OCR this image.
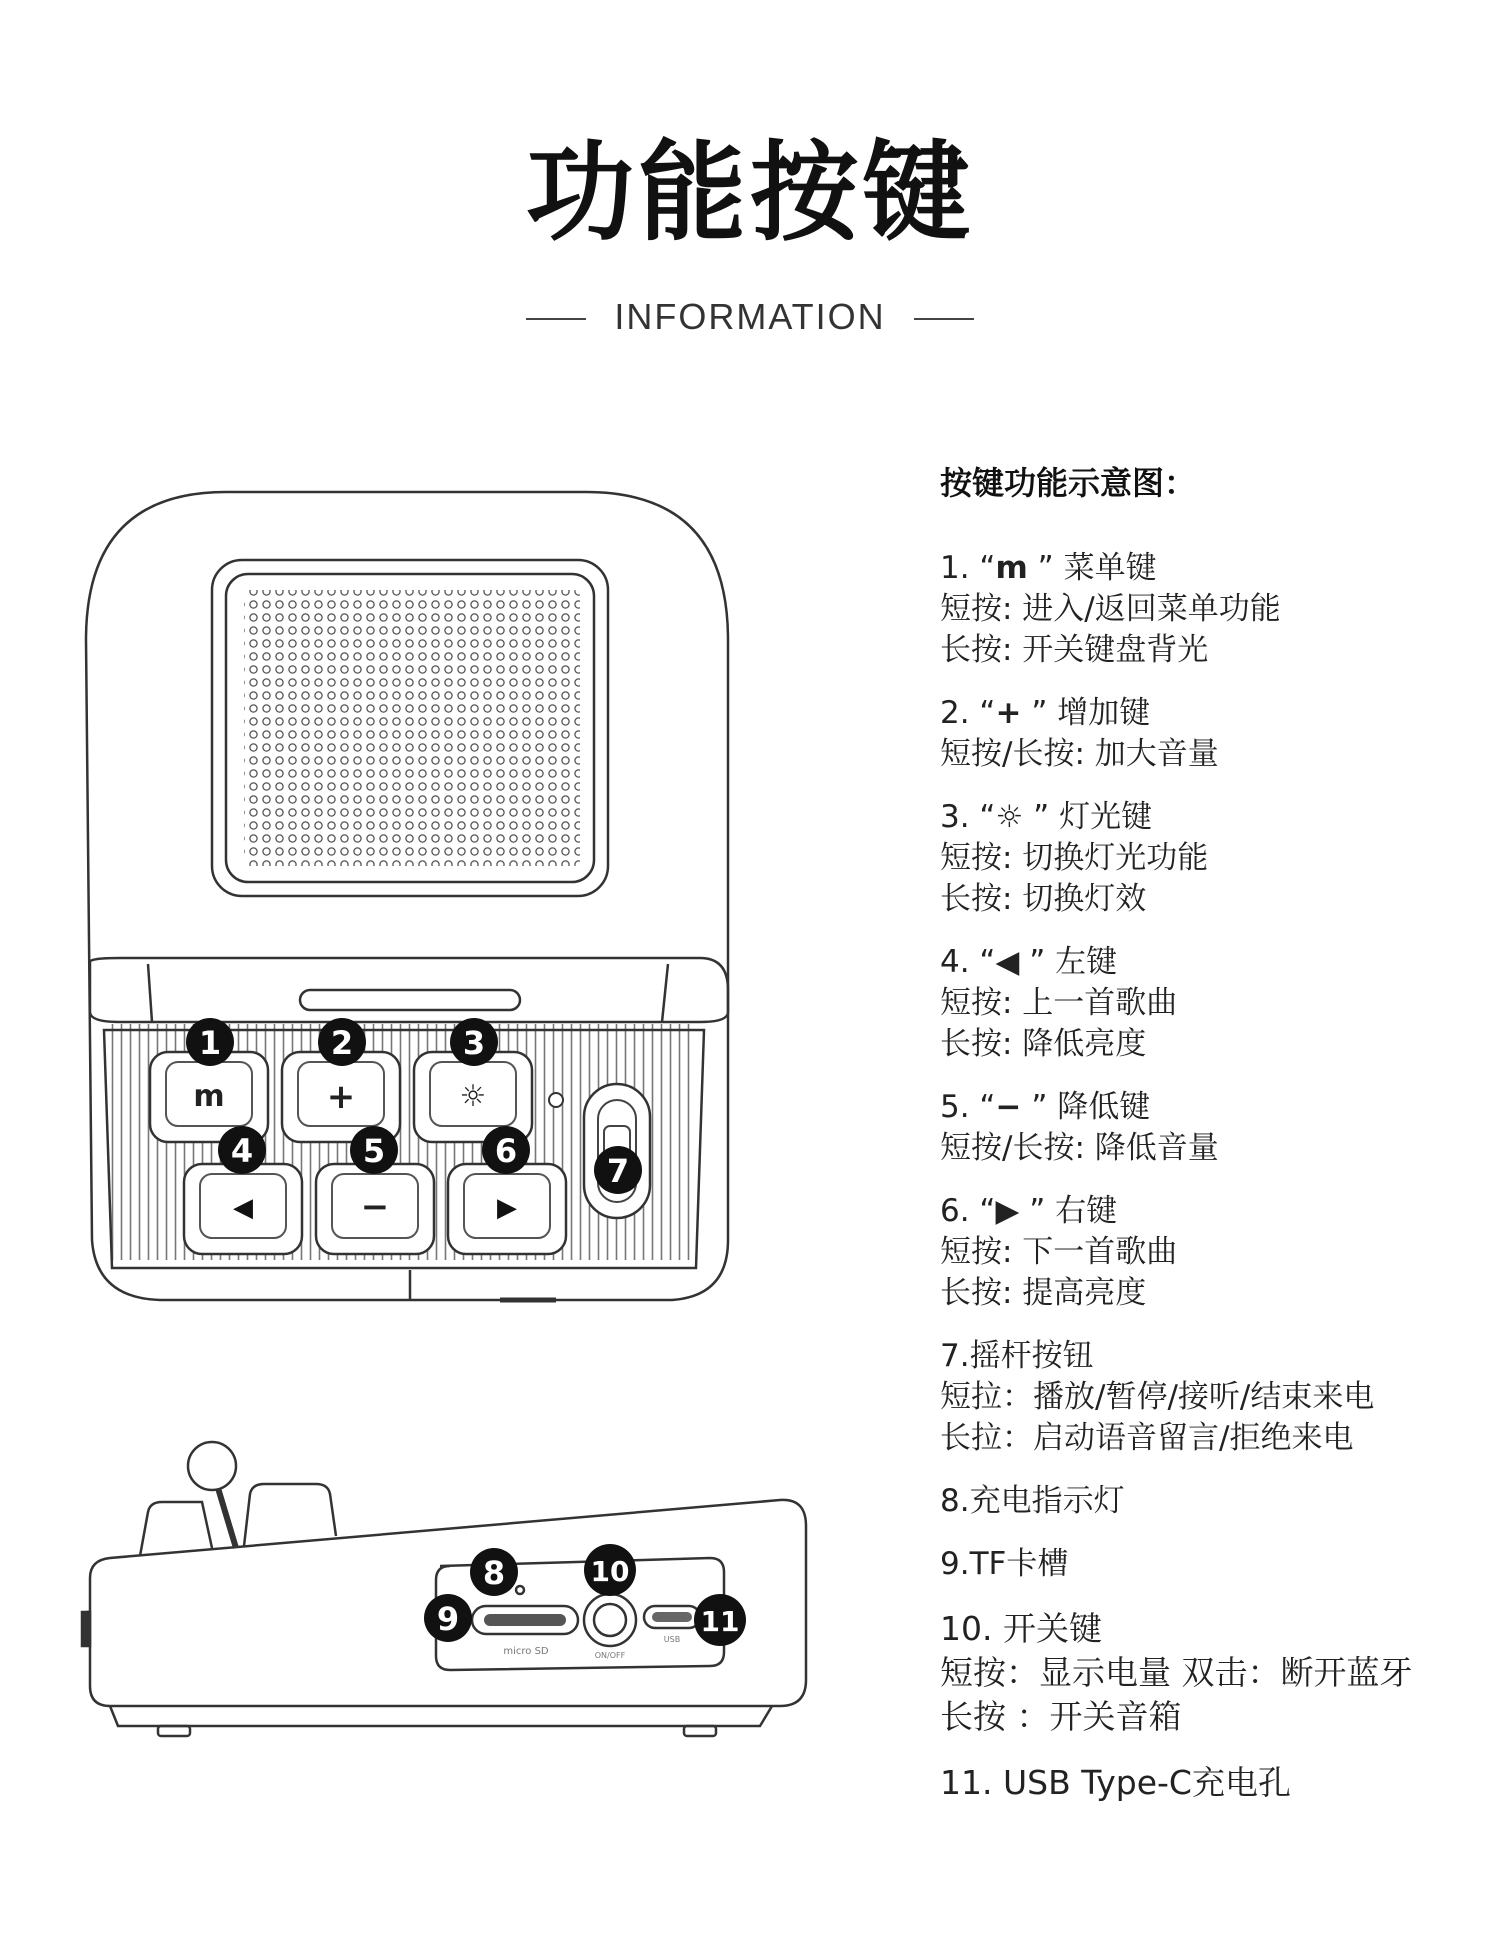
功能按键
INFORMATION
m	+	☼
◀	−	▶
1	2	3
4	5	6
7
micro SD	ON/OFF
USB
8
9
10
11
按键功能示意图：
1. “m ” 菜单键
短按: 进入/返回菜单功能
长按: 开关键盘背光
2. “+ ” 增加键
短按/长按: 加大音量
3. “☼ ” 灯光键
短按: 切换灯光功能
长按: 切换灯效
4. “◀ ” 左键
短按: 上一首歌曲
长按: 降低亮度
5. “− ” 降低键
短按/长按: 降低音量
6. “▶ ” 右键
短按: 下一首歌曲
长按: 提高亮度
7.摇杆按钮
短拉：播放/暂停/接听/结束来电
长拉：启动语音留言/拒绝来电
8.充电指示灯
9.TF卡槽
10. 开关键
短按：显示电量 双击：断开蓝牙
长按 ：开关音箱
11. USB Type-C充电孔
